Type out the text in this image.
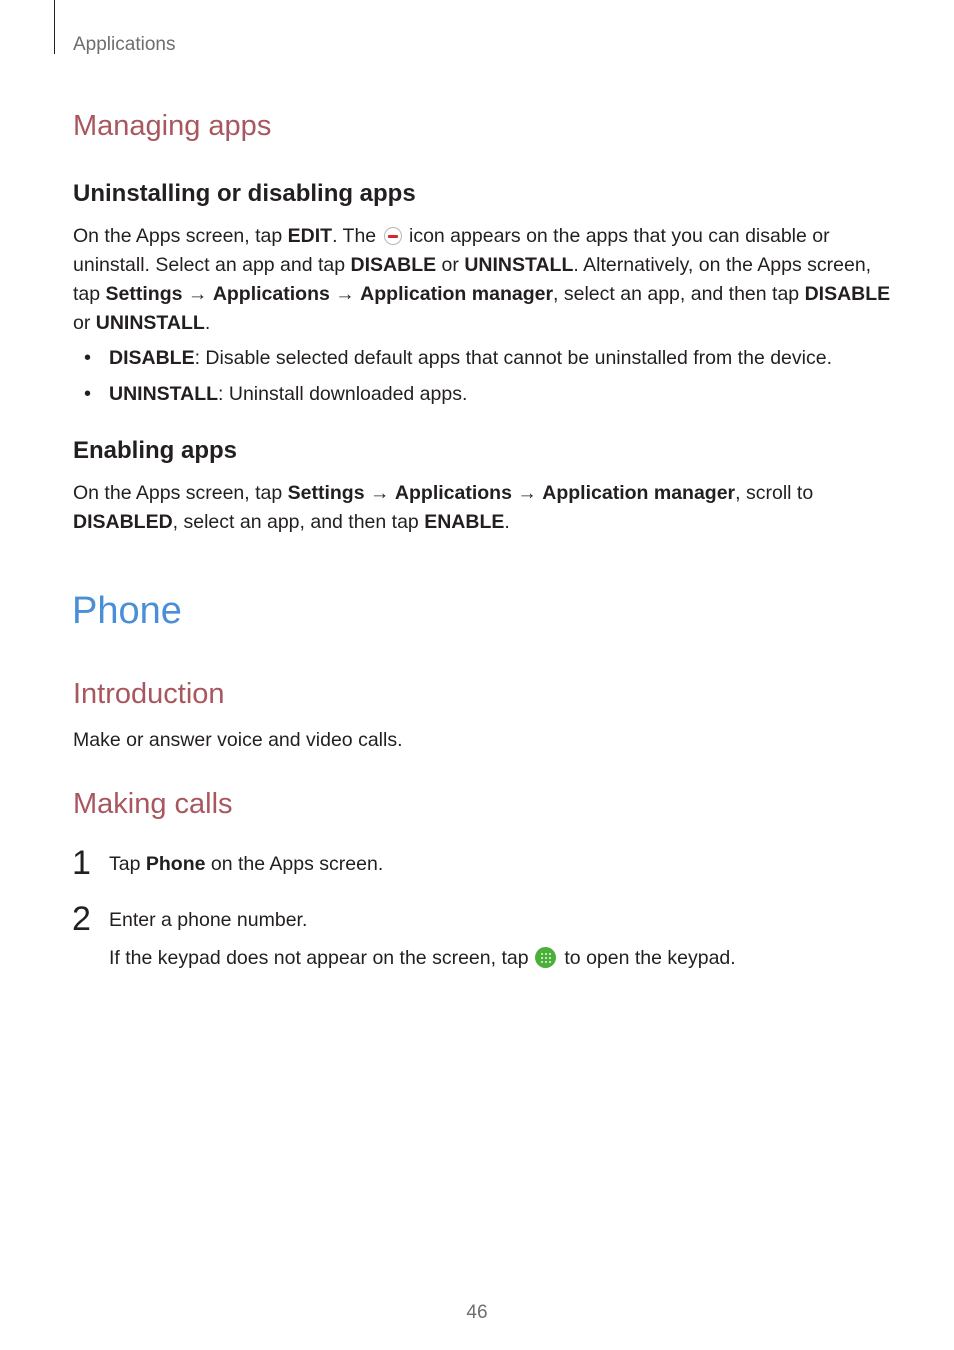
Applications
Managing apps
Uninstalling or disabling apps
On the Apps screen, tap EDIT. The  icon appears on the apps that you can disable or
uninstall. Select an app and tap DISABLE or UNINSTALL. Alternatively, on the Apps screen,
tap Settings → Applications → Application manager, select an app, and then tap DISABLE
or UNINSTALL.
• DISABLE: Disable selected default apps that cannot be uninstalled from the device.
• UNINSTALL: Uninstall downloaded apps.
Enabling apps
On the Apps screen, tap Settings → Applications → Application manager, scroll to
DISABLED, select an app, and then tap ENABLE.
Phone
Introduction
Make or answer voice and video calls.
Making calls
1 Tap Phone on the Apps screen.
2 Enter a phone number.
If the keypad does not appear on the screen, tap
to open the keypad.
46
